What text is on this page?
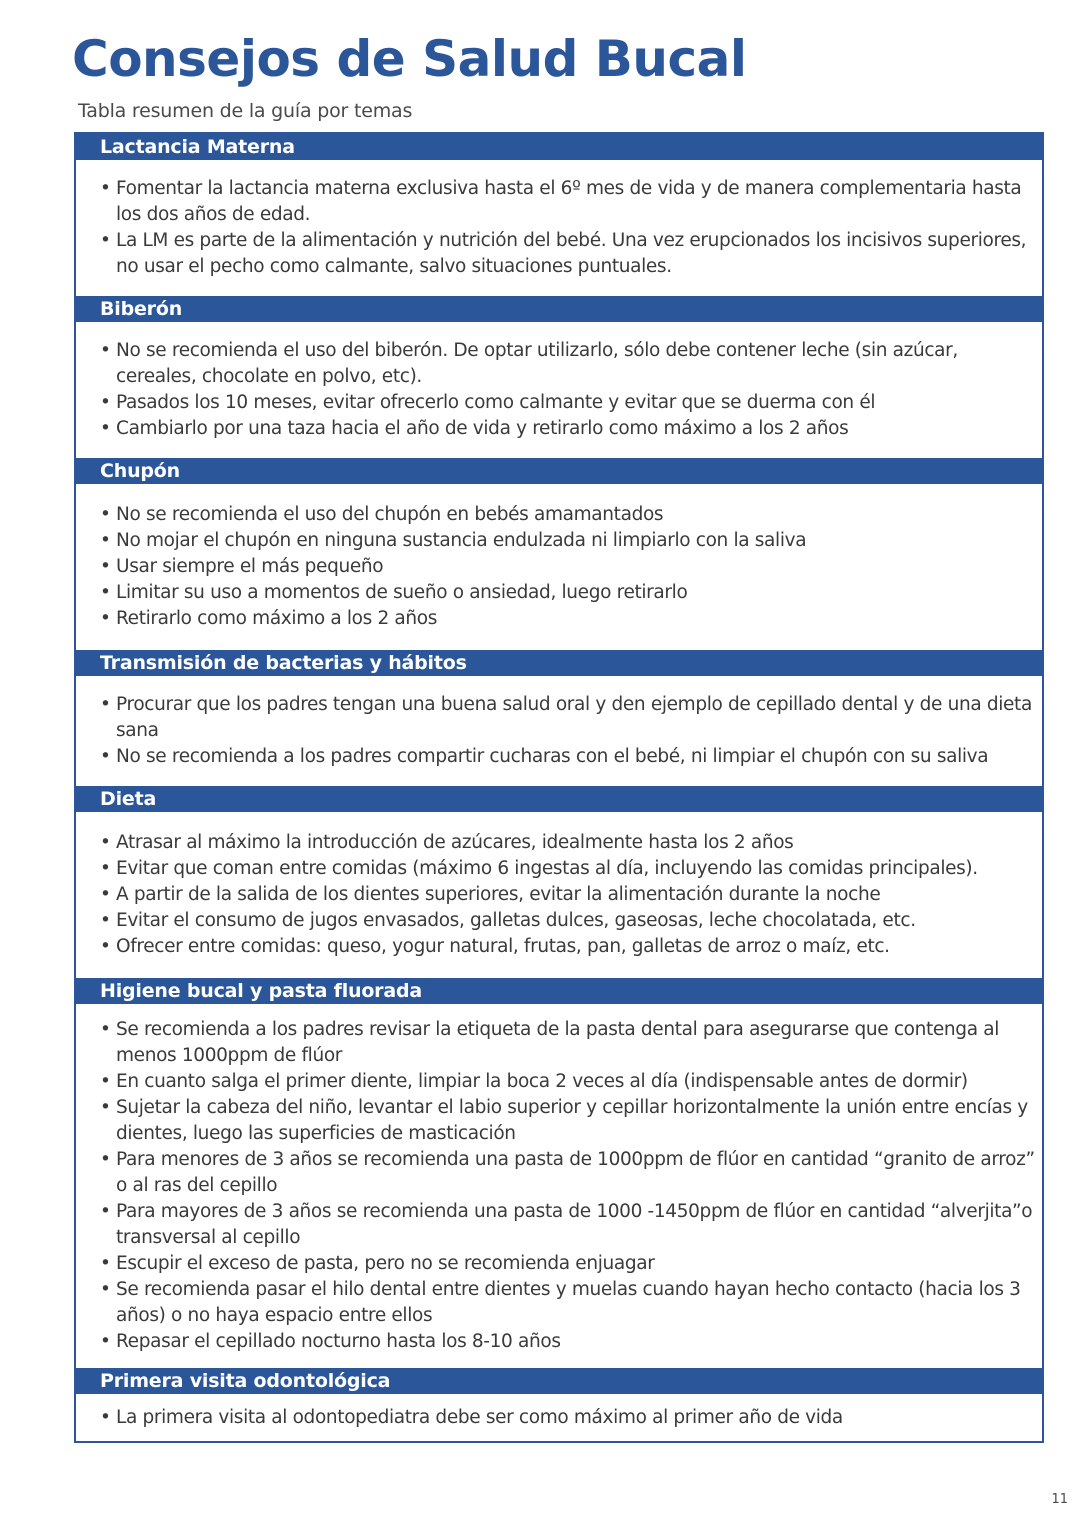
Consejos de Salud Bucal

Tabla resumen de la guía por temas

Lactancia Materna
• Fomentar la lactancia materna exclusiva hasta el 6º mes de vida y de manera complementaria hasta los dos años de edad.
• La LM es parte de la alimentación y nutrición del bebé. Una vez erupcionados los incisivos superiores, no usar el pecho como calmante, salvo situaciones puntuales.
Biberón
• No se recomienda el uso del biberón. De optar utilizarlo, sólo debe contener leche (sin azúcar, cereales, chocolate en polvo, etc).
• Pasados los 10 meses, evitar ofrecerlo como calmante y evitar que se duerma con él
• Cambiarlo por una taza hacia el año de vida y retirarlo como máximo a los 2 años
Chupón
• No se recomienda el uso del chupón en bebés amamantados
• No mojar el chupón en ninguna sustancia endulzada ni limpiarlo con la saliva
• Usar siempre el más pequeño
• Limitar su uso a momentos de sueño o ansiedad, luego retirarlo
• Retirarlo como máximo a los 2 años
Transmisión de bacterias y hábitos
• Procurar que los padres tengan una buena salud oral y den ejemplo de cepillado dental y de una dieta sana
• No se recomienda a los padres compartir cucharas con el bebé, ni limpiar el chupón con su saliva
Dieta
• Atrasar al máximo la introducción de azúcares, idealmente hasta los 2 años
• Evitar que coman entre comidas (máximo 6 ingestas al día, incluyendo las comidas principales).
• A partir de la salida de los dientes superiores, evitar la alimentación durante la noche
• Evitar el consumo de jugos envasados, galletas dulces, gaseosas, leche chocolatada, etc.
• Ofrecer entre comidas: queso, yogur natural, frutas, pan, galletas de arroz o maíz, etc.
Higiene bucal y pasta fluorada
• Se recomienda a los padres revisar la etiqueta de la pasta dental para asegurarse que contenga al menos 1000ppm de flúor
• En cuanto salga el primer diente, limpiar la boca 2 veces al día (indispensable antes de dormir)
• Sujetar la cabeza del niño, levantar el labio superior y cepillar horizontalmente la unión entre encías y dientes, luego las superficies de masticación
• Para menores de 3 años se recomienda una pasta de 1000ppm de flúor en cantidad “granito de arroz” o al ras del cepillo
• Para mayores de 3 años se recomienda una pasta de 1000 -1450ppm de flúor en cantidad “alverjita”o transversal al cepillo
• Escupir el exceso de pasta, pero no se recomienda enjuagar
• Se recomienda pasar el hilo dental entre dientes y muelas cuando hayan hecho contacto (hacia los 3 años) o no haya espacio entre ellos
• Repasar el cepillado nocturno hasta los 8-10 años
Primera visita odontológica
• La primera visita al odontopediatra debe ser como máximo al primer año de vida
11
